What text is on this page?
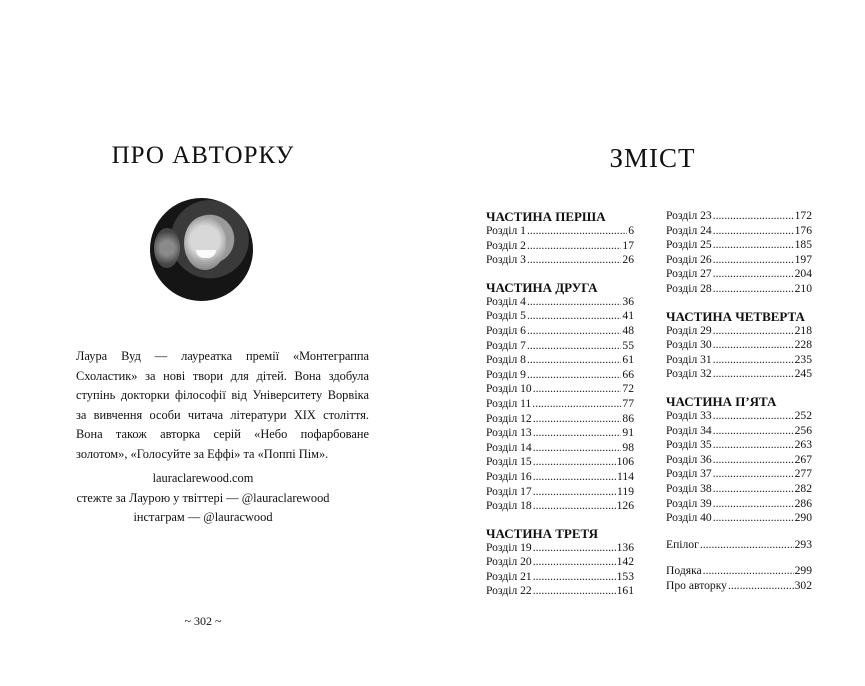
ПРО АВТОРКУ

Лаура Вуд — лауреатка премії «Монтеграппа Схоластик» за нові твори для дітей. Вона здобула ступінь докторки філософії від Університету Ворвіка за вивчення особи читача літератури ХІХ століття. Вона також авторка серій «Небо пофарбоване золотом», «Голосуйте за Еффі» та «Поппі Пім».

lauraclarewood.com
стежте за Лаурою у твіттері — @lauraclarewood
інстаграм — @lauracwood
~ 302 ~
ЗМІСТ
ЧАСТИНА ПЕРША
Розділ 1 .....	6
Розділ 2 .....	17
Розділ 3 .....	26
ЧАСТИНА ДРУГА
Розділ 4 .....	36
Розділ 5 .....	41
Розділ 6 .....	48
Розділ 7 .....	55
Розділ 8 .....	61
Розділ 9 .....	66
Розділ 10 .....	72
Розділ 11 .....	77
Розділ 12 .....	86
Розділ 13 .....	91
Розділ 14 .....	98
Розділ 15 .....	106
Розділ 16 .....	114
Розділ 17 .....	119
Розділ 18 .....	126
ЧАСТИНА ТРЕТЯ
Розділ 19 .....	136
Розділ 20 .....	142
Розділ 21 .....	153
Розділ 22 .....	161
Розділ 23 .....	172
Розділ 24 .....	176
Розділ 25 .....	185
Розділ 26 .....	197
Розділ 27 .....	204
Розділ 28 .....	210
ЧАСТИНА ЧЕТВЕРТА
Розділ 29 .....	218
Розділ 30 .....	228
Розділ 31 .....	235
Розділ 32 .....	245
ЧАСТИНА П’ЯТА
Розділ 33 .....	252
Розділ 34 .....	256
Розділ 35 .....	263
Розділ 36 .....	267
Розділ 37 .....	277
Розділ 38 .....	282
Розділ 39 .....	286
Розділ 40 .....	290
Епілог .....	293
Подяка .....	299
Про авторку .....	302
